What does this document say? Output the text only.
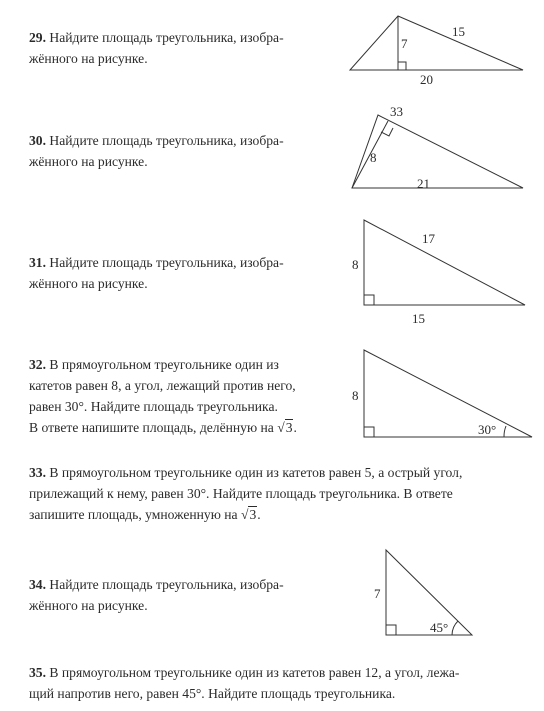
29. Найдите площадь треугольника, изобра-
жённого на рисунке.
15
7
20
30. Найдите площадь треугольника, изобра-
жённого на рисунке.
33
8
21
31. Найдите площадь треугольника, изобра-
жённого на рисунке.
17
8
15
32. В прямоугольном треугольнике один из
катетов равен 8, а угол, лежащий против него,
равен 30°. Найдите площадь треугольника.
В ответе напишите площадь, делённую на √3.
8
30°
33. В прямоугольном треугольнике один из катетов равен 5, а острый угол,
прилежащий к нему, равен 30°. Найдите площадь треугольника. В ответе
запишите площадь, умноженную на √3.
34. Найдите площадь треугольника, изобра-
жённого на рисунке.
7
45°
35. В прямоугольном треугольнике один из катетов равен 12, а угол, лежа-
щий напротив него, равен 45°. Найдите площадь треугольника.
